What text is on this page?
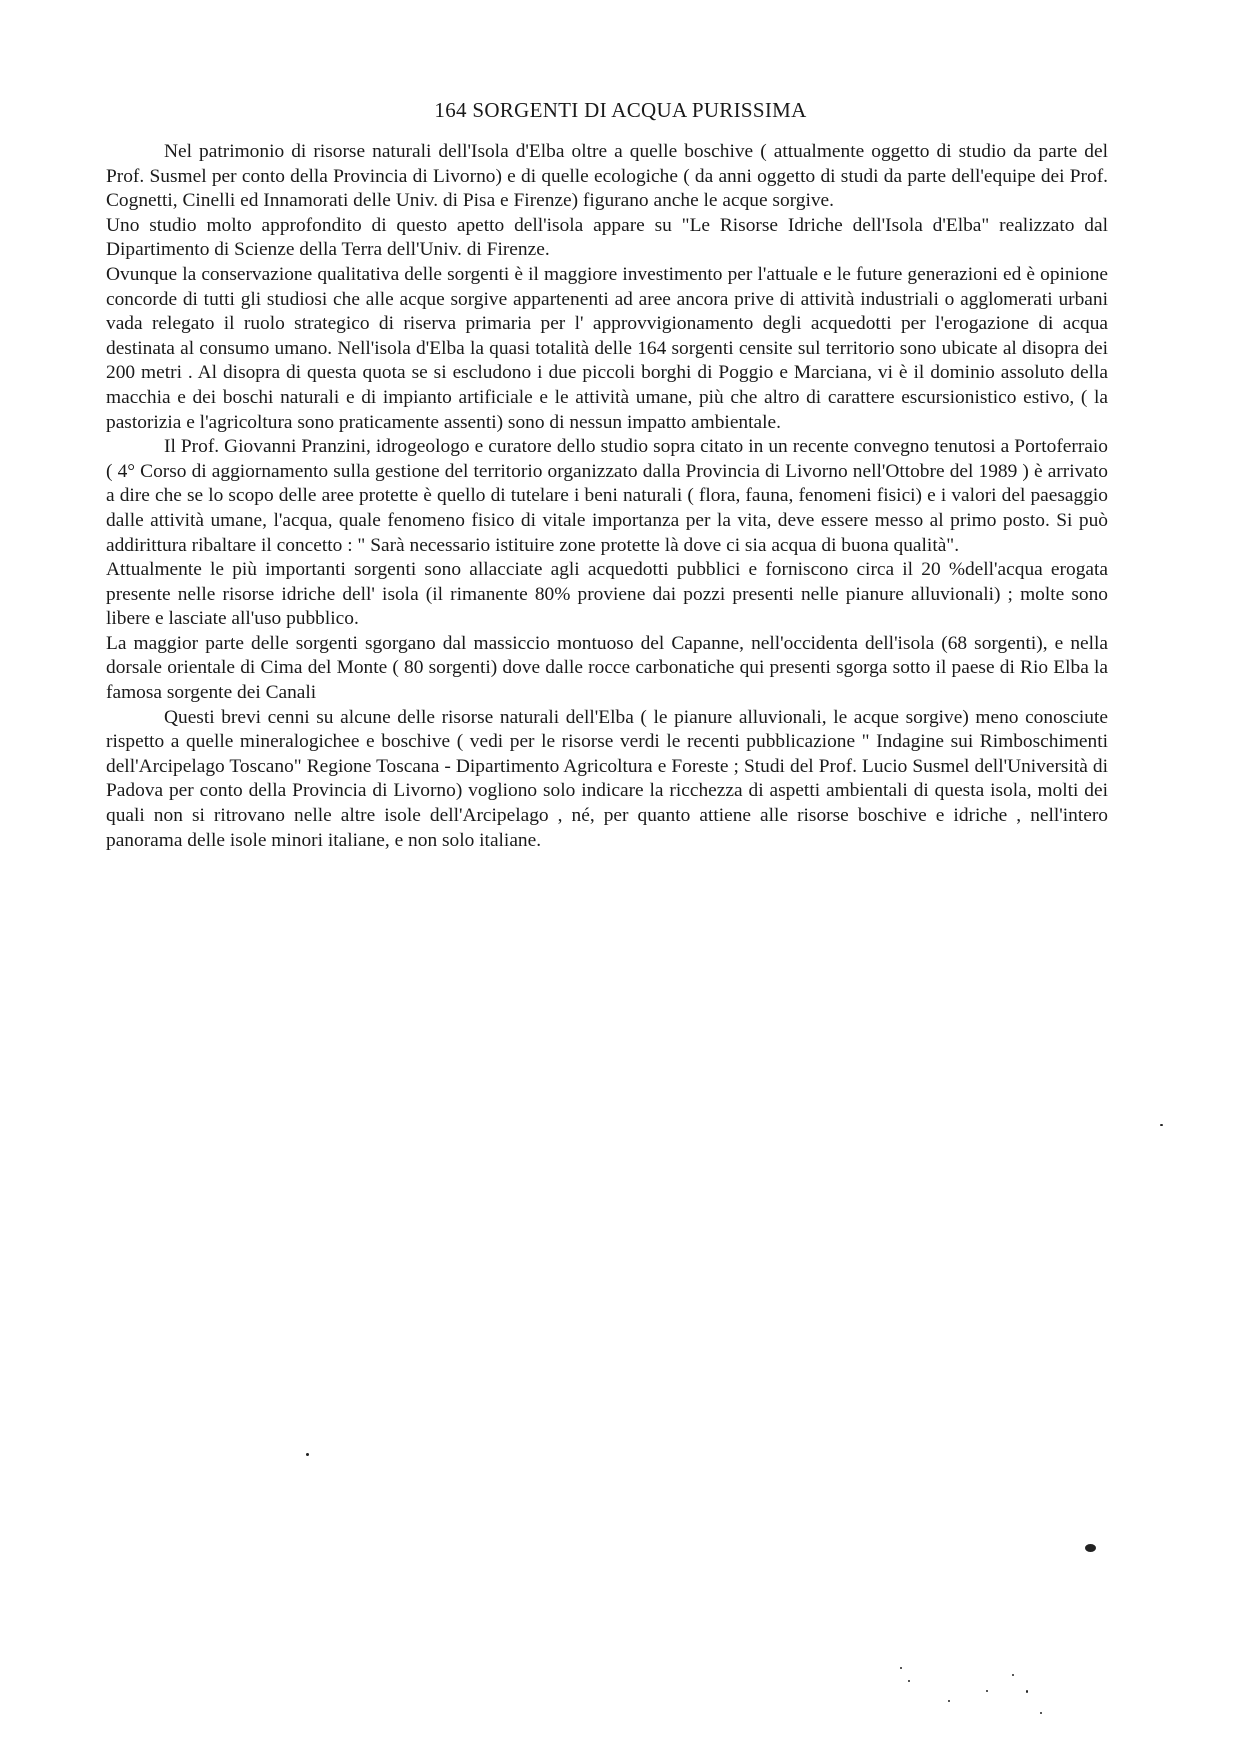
164 SORGENTI DI ACQUA PURISSIMA

Nel patrimonio di risorse naturali dell'Isola d'Elba oltre a quelle boschive ( attualmente oggetto di studio da parte del Prof. Susmel per conto della Provincia di Livorno) e di quelle ecologiche ( da anni oggetto di studi da parte dell'equipe dei Prof. Cognetti, Cinelli ed Innamorati delle Univ. di Pisa e Firenze) figurano anche le acque sorgive.

Uno studio molto approfondito di questo apetto dell'isola appare su "Le Risorse Idriche dell'Isola d'Elba" realizzato dal Dipartimento di Scienze della Terra dell'Univ. di Firenze.

Ovunque la conservazione qualitativa delle sorgenti è il maggiore investimento per l'attuale e le future generazioni ed è opinione concorde di tutti gli studiosi che alle acque sorgive appartenenti ad aree ancora prive di attività industriali o agglomerati urbani vada relegato il ruolo strategico di riserva primaria per l' approvvigionamento degli acquedotti per l'erogazione di acqua destinata al consumo umano. Nell'isola d'Elba la quasi totalità delle 164 sorgenti censite sul territorio sono ubicate al disopra dei 200 metri . Al disopra di questa quota se si escludono i due piccoli borghi di Poggio e Marciana, vi è il dominio assoluto della macchia e dei boschi naturali e di impianto artificiale e le attività umane, più che altro di carattere escursionistico estivo, ( la pastorizia e l'agricoltura sono praticamente assenti) sono di nessun impatto ambientale.

Il Prof. Giovanni Pranzini, idrogeologo e curatore dello studio sopra citato in un recente convegno tenutosi a Portoferraio ( 4° Corso di aggiornamento sulla gestione del territorio organizzato dalla Provincia di Livorno nell'Ottobre del 1989 ) è arrivato a dire che se lo scopo delle aree protette è quello di tutelare i beni naturali ( flora, fauna, fenomeni fisici) e i valori del paesaggio dalle attività umane, l'acqua, quale fenomeno fisico di vitale importanza per la vita, deve essere messo al primo posto. Si può addirittura ribaltare il concetto : " Sarà necessario istituire zone protette là dove ci sia acqua di buona qualità".

Attualmente le più importanti sorgenti sono allacciate agli acquedotti pubblici e forniscono circa il 20 %dell'acqua erogata presente nelle risorse idriche dell' isola (il rimanente 80% proviene dai pozzi presenti nelle pianure alluvionali) ; molte sono libere e lasciate all'uso pubblico.

La maggior parte delle sorgenti sgorgano dal massiccio montuoso del Capanne, nell'occidenta dell'isola (68 sorgenti), e nella dorsale orientale di Cima del Monte ( 80 sorgenti) dove dalle rocce carbonatiche qui presenti sgorga sotto il paese di Rio Elba la famosa sorgente dei Canali

Questi brevi cenni su alcune delle risorse naturali dell'Elba ( le pianure alluvionali, le acque sorgive) meno conosciute rispetto a quelle mineralogichee e boschive ( vedi per le risorse verdi le recenti pubblicazione " Indagine sui Rimboschimenti dell'Arcipelago Toscano" Regione Toscana - Dipartimento Agricoltura e Foreste ; Studi del Prof. Lucio Susmel dell'Università di Padova per conto della Provincia di Livorno) vogliono solo indicare la ricchezza di aspetti ambientali di questa isola, molti dei quali non si ritrovano nelle altre isole dell'Arcipelago , né, per quanto attiene alle risorse boschive e idriche , nell'intero panorama delle isole minori italiane, e non solo italiane.
